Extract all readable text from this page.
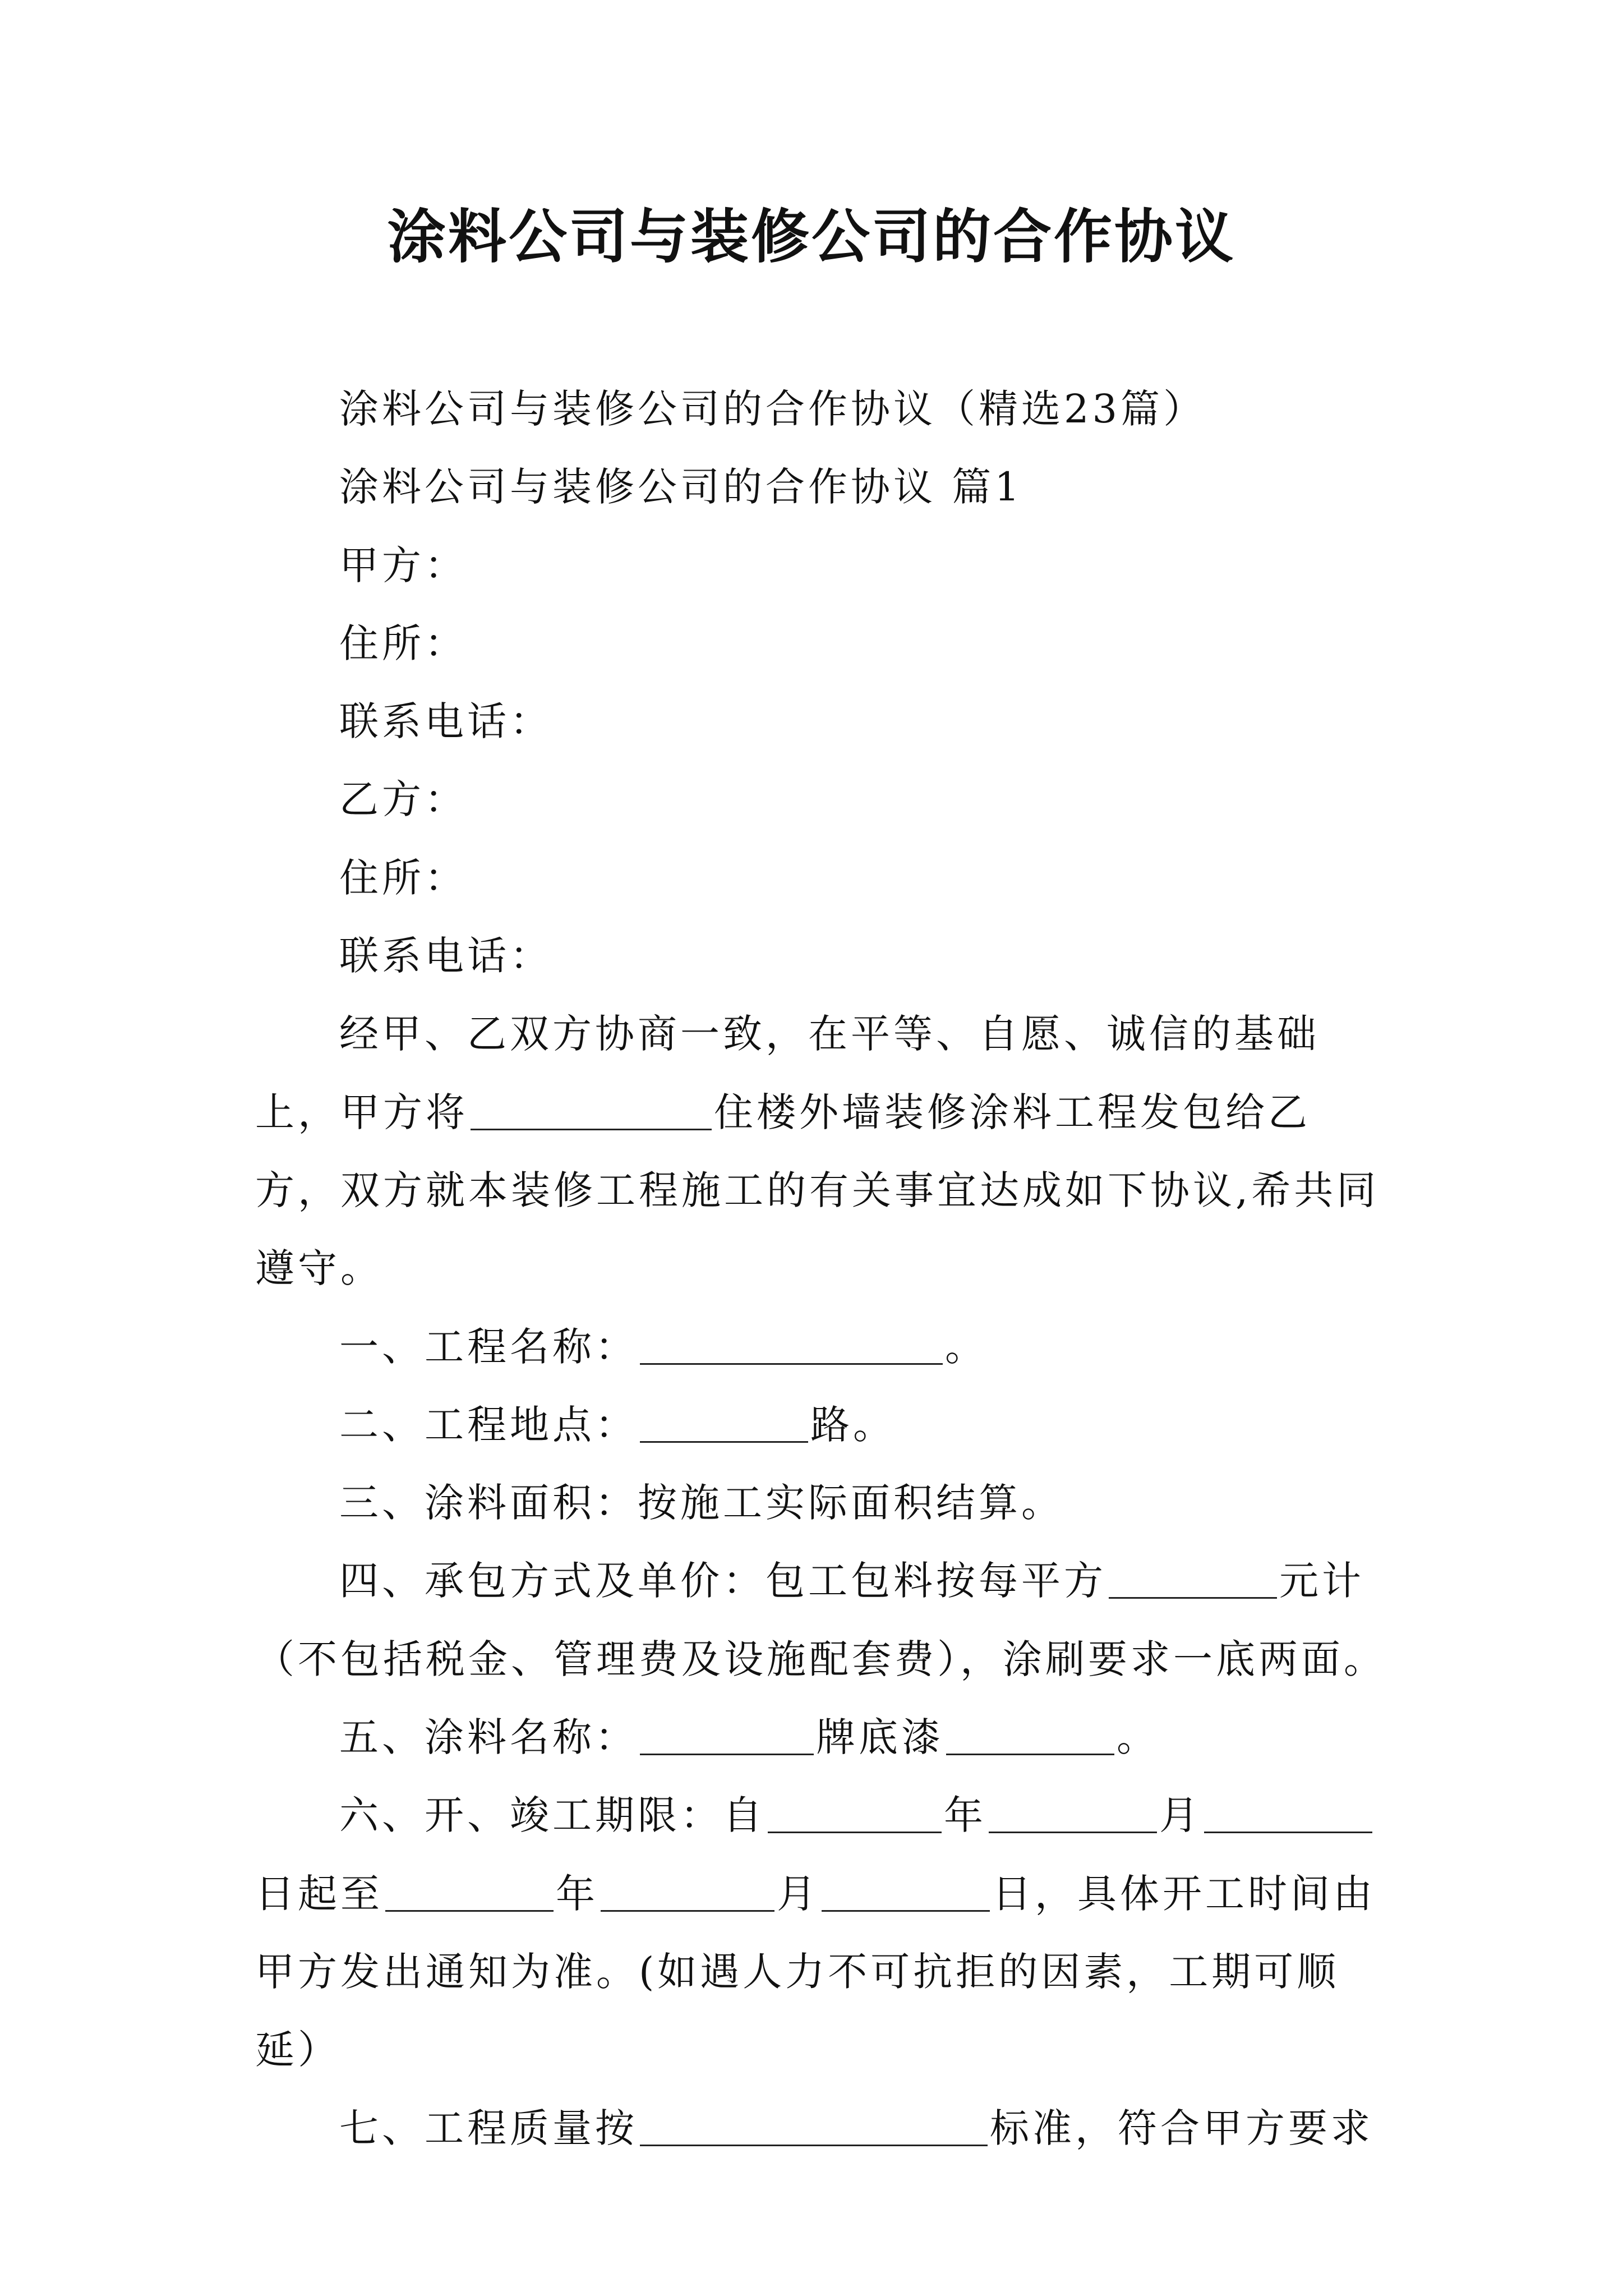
涂料公司与装修公司的合作协议

涂料公司与装修公司的合作协议（精选23篇）

涂料公司与装修公司的合作协议 篇1

甲方：

住所：

联系电话：

乙方：

住所：

联系电话：

经甲、乙双方协商一致，在平等、自愿、诚信的基础上，甲方将	住楼外墙装修涂料工程发包给乙方，双方就本装修工程施工的有关事宜达成如下协议,希共同遵守。

一、工程名称：	。

二、工程地点：	路。

三、涂料面积：按施工实际面积结算。

四、承包方式及单价：包工包料按每平方	元计（不包括税金、管理费及设施配套费），涂刷要求一底两面。

五、涂料名称：	牌底漆	。

六、开、竣工期限：自	年	月日起至	年	月	日，具体开工时间由甲方发出通知为准。(如遇人力不可抗拒的因素，工期可顺延）

七、工程质量按	标准，符合甲方要求
